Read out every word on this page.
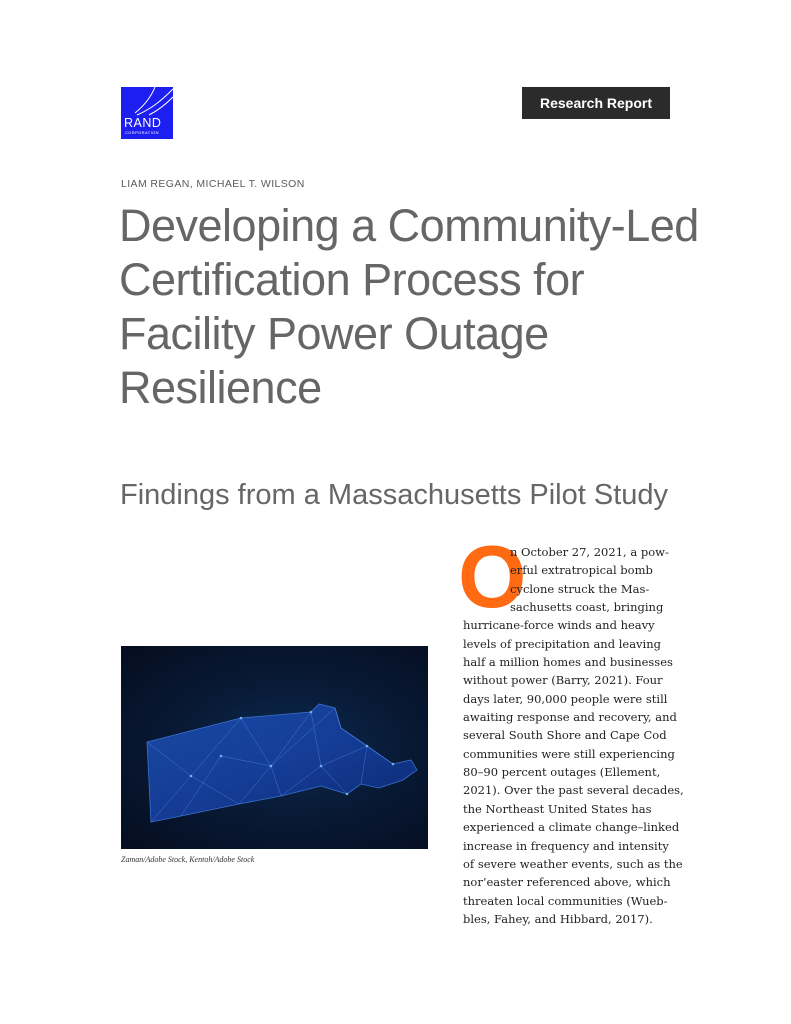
RAND
CORPORATION
Research Report
LIAM REGAN, MICHAEL T. WILSON
Developing a Community-Led Certification Process for Facility Power Outage Resilience
Findings from a Massachusetts Pilot Study
Zaman/Adobe Stock, Kentoh/Adobe Stock
O
n October 27, 2021, a pow-
erful extratropical bomb
cyclone struck the Mas-
sachusetts coast, bringing
hurricane-force winds and heavy
levels of precipitation and leaving
half a million homes and businesses
without power (Barry, 2021). Four
days later, 90,000 people were still
awaiting response and recovery, and
several South Shore and Cape Cod
communities were still experiencing
80–90 percent outages (Ellement,
2021). Over the past several decades,
the Northeast United States has
experienced a climate change–linked
increase in frequency and intensity
of severe weather events, such as the
nor’easter referenced above, which
threaten local communities (Wueb-
bles, Fahey, and Hibbard, 2017).
